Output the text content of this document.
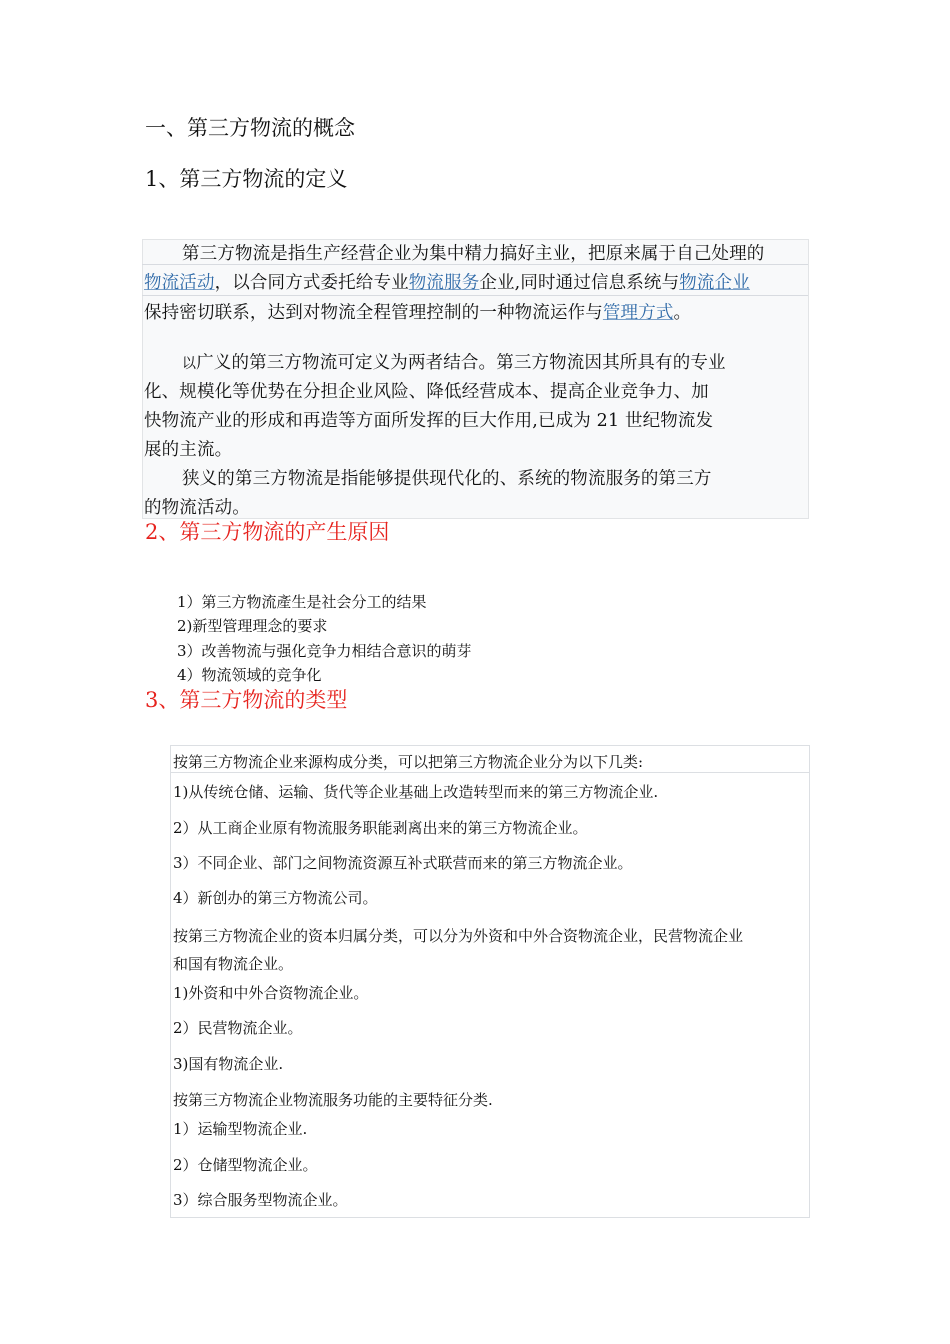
一、第三方物流的概念
1、第三方物流的定义
第三方物流是指生产经营企业为集中精力搞好主业，把原来属于自己处理的
物流活动，以合同方式委托给专业物流服务企业,同时通过信息系统与物流企业
保持密切联系，达到对物流全程管理控制的一种物流运作与管理方式。
以广义的第三方物流可定义为两者结合。第三方物流因其所具有的专业
化、规模化等优势在分担企业风险、降低经营成本、提高企业竞争力、加
快物流产业的形成和再造等方面所发挥的巨大作用,已成为 21 世纪物流发
展的主流。
狭义的第三方物流是指能够提供现代化的、系统的物流服务的第三方
的物流活动。
2、第三方物流的产生原因
1）第三方物流產生是社会分工的结果
2)新型管理理念的要求
3）改善物流与强化竞争力相结合意识的萌芽
4）物流领域的竞争化
3、第三方物流的类型
按第三方物流企业来源构成分类，可以把第三方物流企业分为以下几类:
1)从传统仓储、运输、货代等企业基础上改造转型而来的第三方物流企业.
2）从工商企业原有物流服务职能剥离出来的第三方物流企业。
3）不同企业、部门之间物流资源互补式联营而来的第三方物流企业。
4）新创办的第三方物流公司。
按第三方物流企业的资本归属分类，可以分为外资和中外合资物流企业，民营物流企业
和国有物流企业。
1)外资和中外合资物流企业。
2）民营物流企业。
3)国有物流企业.
按第三方物流企业物流服务功能的主要特征分类.
1）运输型物流企业.
2）仓储型物流企业。
3）综合服务型物流企业。
